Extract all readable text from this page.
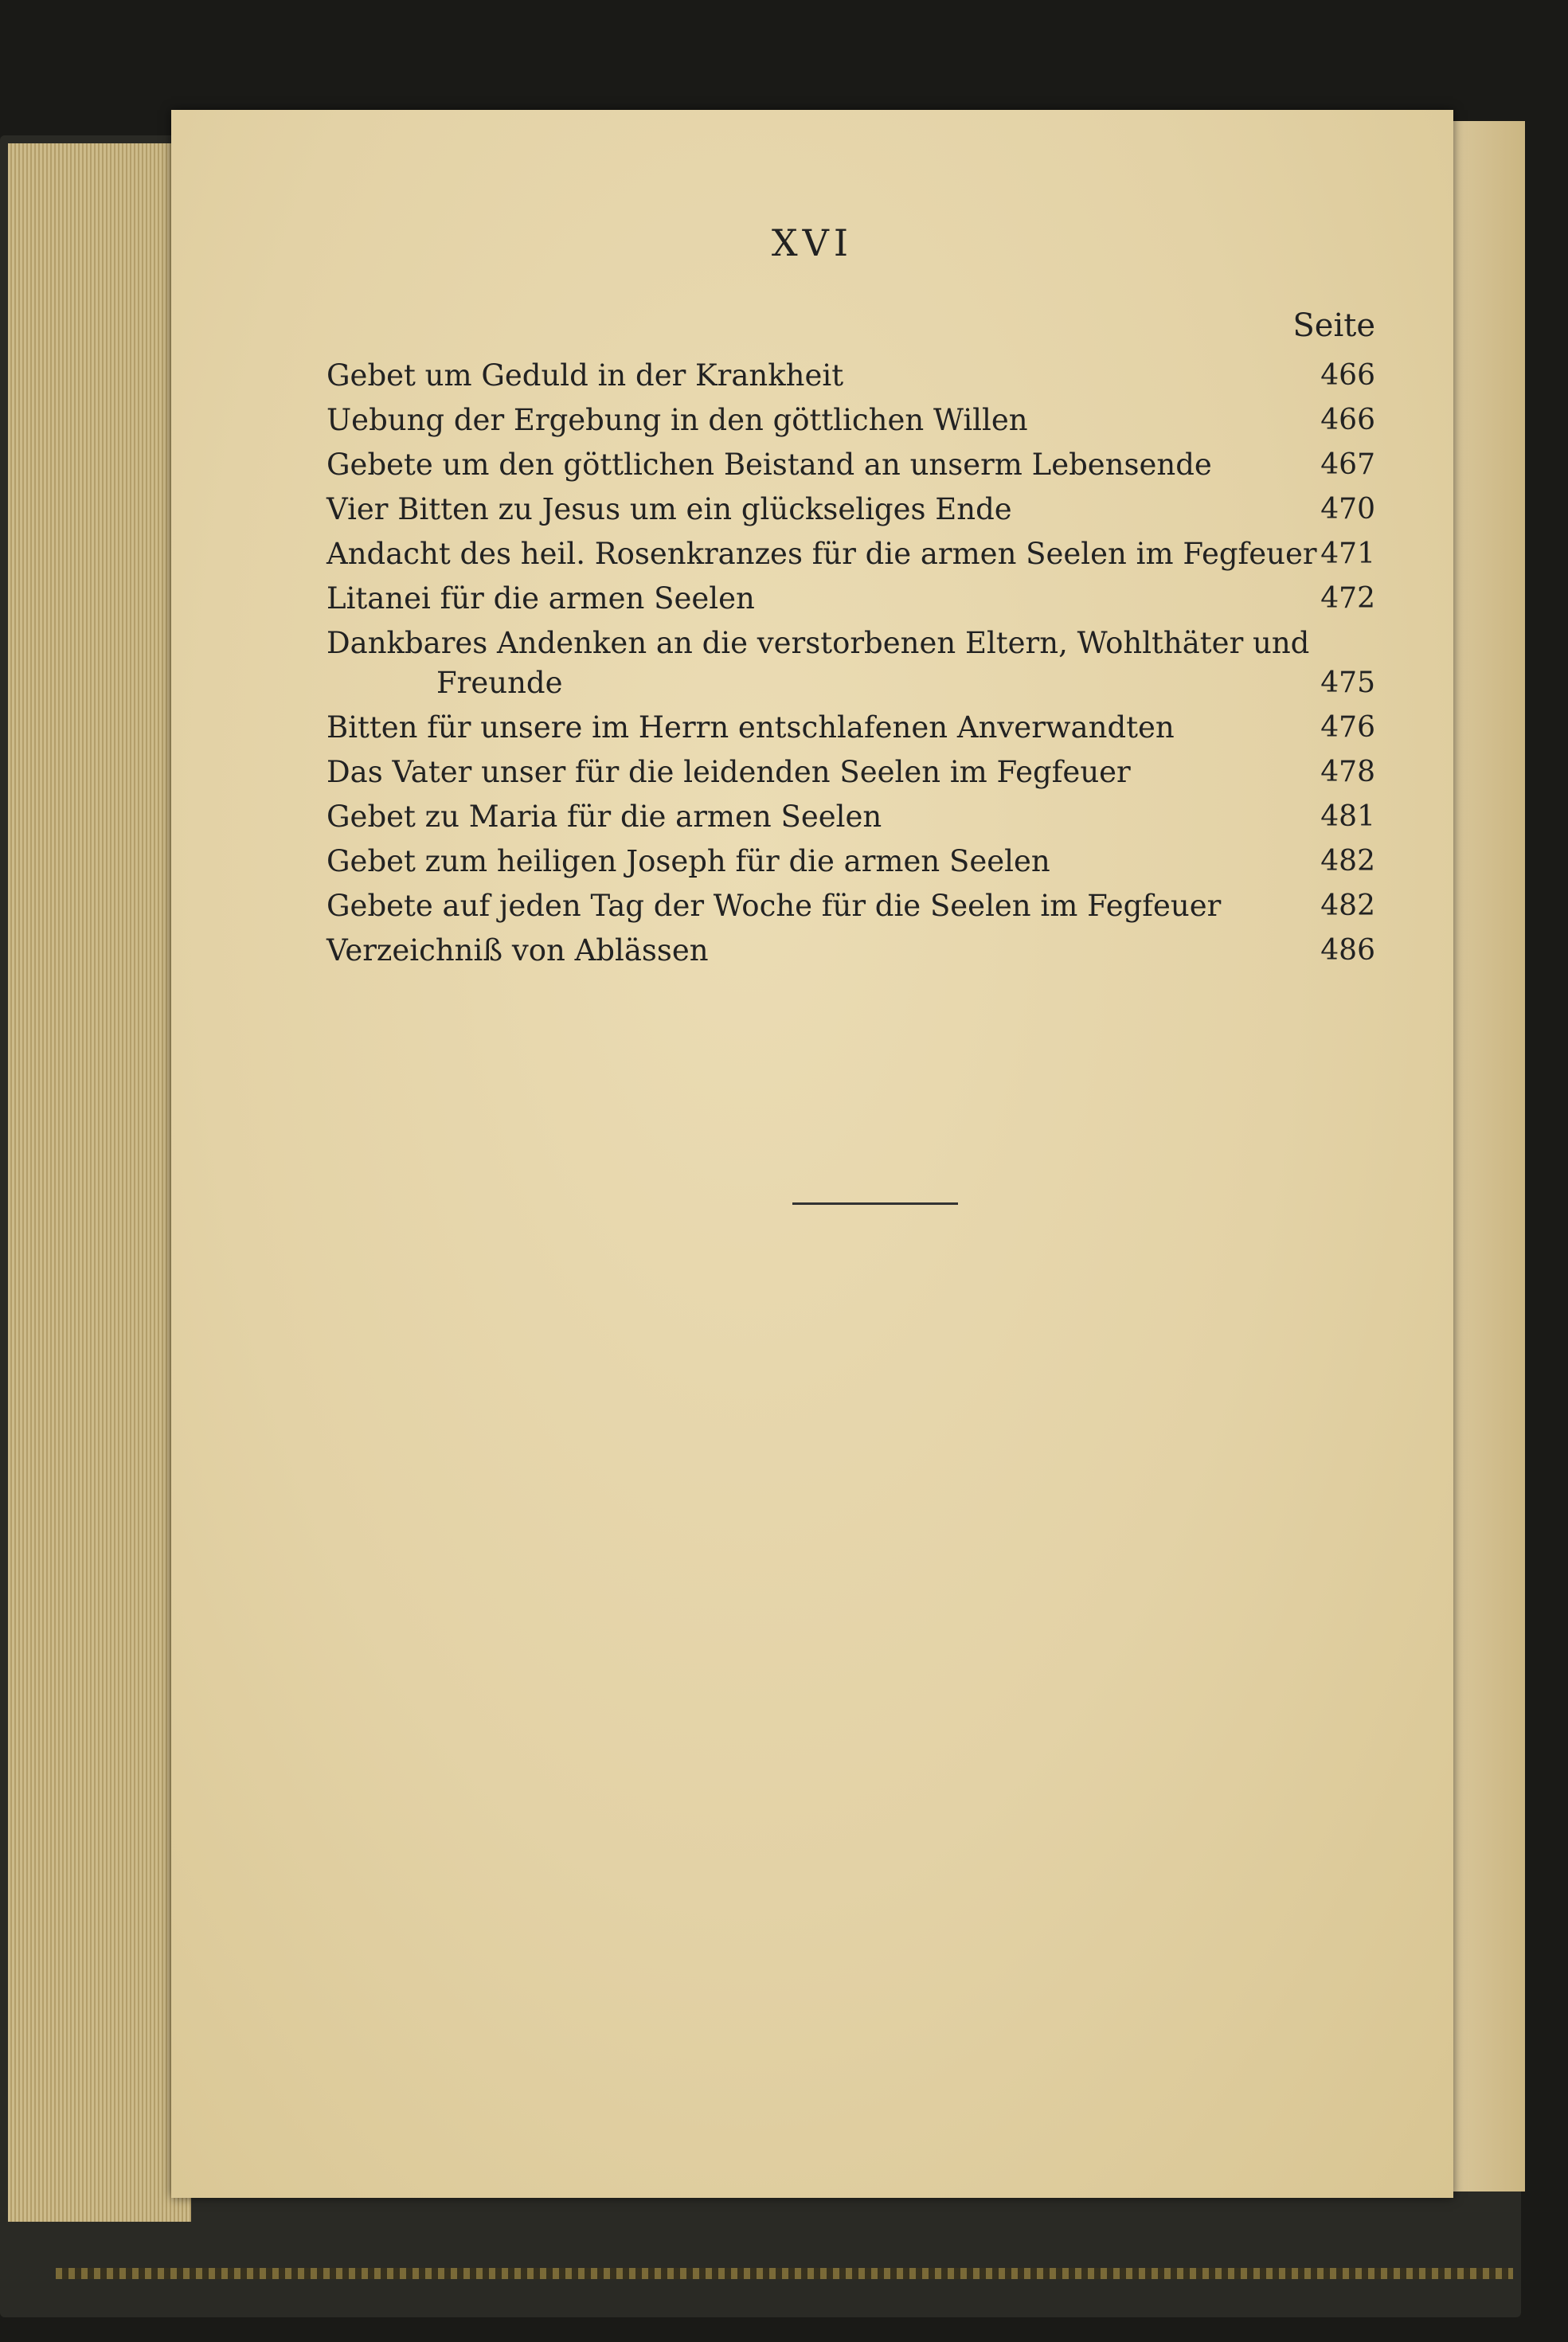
XVI
Seite
Gebet um Geduld in der Krankheit	466
Uebung der Ergebung in den göttlichen Willen	466
Gebete um den göttlichen Beistand an unserm Lebensende	467
Vier Bitten zu Jesus um ein glückseliges Ende	470
Andacht des heil. Rosenkranzes für die armen Seelen im Fegfeuer 471
Litanei für die armen Seelen	472
Dankbares Andenken an die verstorbenen Eltern, Wohlthäter und
Freunde	475
Bitten für unsere im Herrn entschlafenen Anverwandten	476
Das Vater unser für die leidenden Seelen im Fegfeuer	478
Gebet zu Maria für die armen Seelen	481
Gebet zum heiligen Joseph für die armen Seelen	482
Gebete auf jeden Tag der Woche für die Seelen im Fegfeuer	482
Verzeichniß von Ablässen	486
